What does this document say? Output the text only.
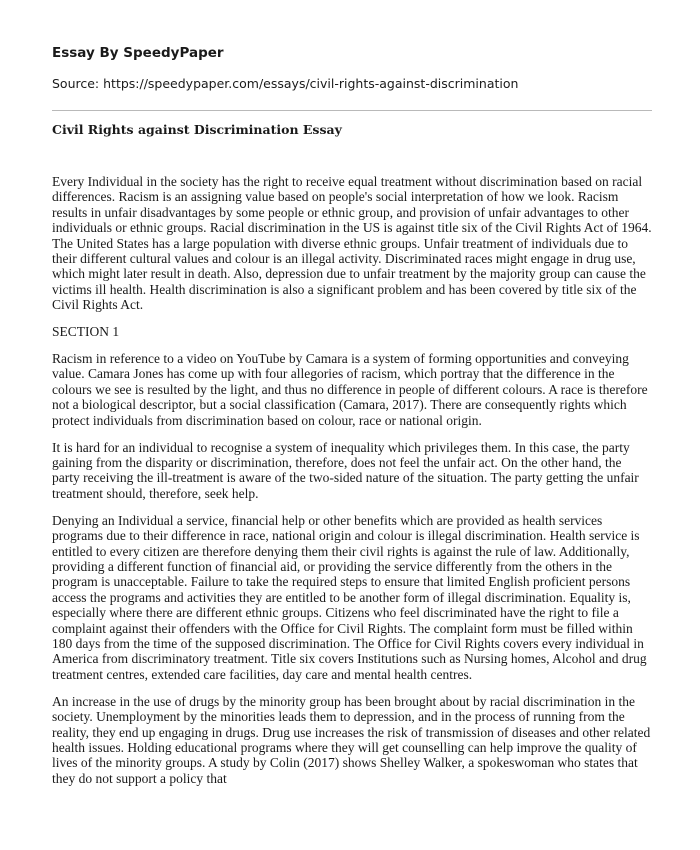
Essay By SpeedyPaper

Source: https://speedypaper.com/essays/civil-rights-against-discrimination

Civil Rights against Discrimination Essay

Every Individual in the society has the right to receive equal treatment without discrimination based on racial differences. Racism is an assigning value based on people's social interpretation of how we look. Racism results in unfair disadvantages by some people or ethnic group, and provision of unfair advantages to other individuals or ethnic groups. Racial discrimination in the US is against title six of the Civil Rights Act of 1964. The United States has a large population with diverse ethnic groups. Unfair treatment of individuals due to their different cultural values and colour is an illegal activity. Discriminated races might engage in drug use, which might later result in death. Also, depression due to unfair treatment by the majority group can cause the victims ill health. Health discrimination is also a significant problem and has been covered by title six of the Civil Rights Act.

SECTION 1

Racism in reference to a video on YouTube by Camara is a system of forming opportunities and conveying value. Camara Jones has come up with four allegories of racism, which portray that the difference in the colours we see is resulted by the light, and thus no difference in people of different colours. A race is therefore not a biological descriptor, but a social classification (Camara, 2017). There are consequently rights which protect individuals from discrimination based on colour, race or national origin.

It is hard for an individual to recognise a system of inequality which privileges them. In this case, the party gaining from the disparity or discrimination, therefore, does not feel the unfair act. On the other hand, the party receiving the ill-treatment is aware of the two-sided nature of the situation. The party getting the unfair treatment should, therefore, seek help.

Denying an Individual a service, financial help or other benefits which are provided as health services programs due to their difference in race, national origin and colour is illegal discrimination. Health service is entitled to every citizen are therefore denying them their civil rights is against the rule of law. Additionally, providing a different function of financial aid, or providing the service differently from the others in the program is unacceptable. Failure to take the required steps to ensure that limited English proficient persons access the programs and activities they are entitled to be another form of illegal discrimination. Equality is, especially where there are different ethnic groups. Citizens who feel discriminated have the right to file a complaint against their offenders with the Office for Civil Rights. The complaint form must be filled within 180 days from the time of the supposed discrimination. The Office for Civil Rights covers every individual in America from discriminatory treatment. Title six covers Institutions such as Nursing homes, Alcohol and drug treatment centres, extended care facilities, day care and mental health centres.

An increase in the use of drugs by the minority group has been brought about by racial discrimination in the society. Unemployment by the minorities leads them to depression, and in the process of running from the reality, they end up engaging in drugs. Drug use increases the risk of transmission of diseases and other related health issues. Holding educational programs where they will get counselling can help improve the quality of lives of the minority groups. A study by Colin (2017) shows Shelley Walker, a spokeswoman who states that they do not support a policy that
